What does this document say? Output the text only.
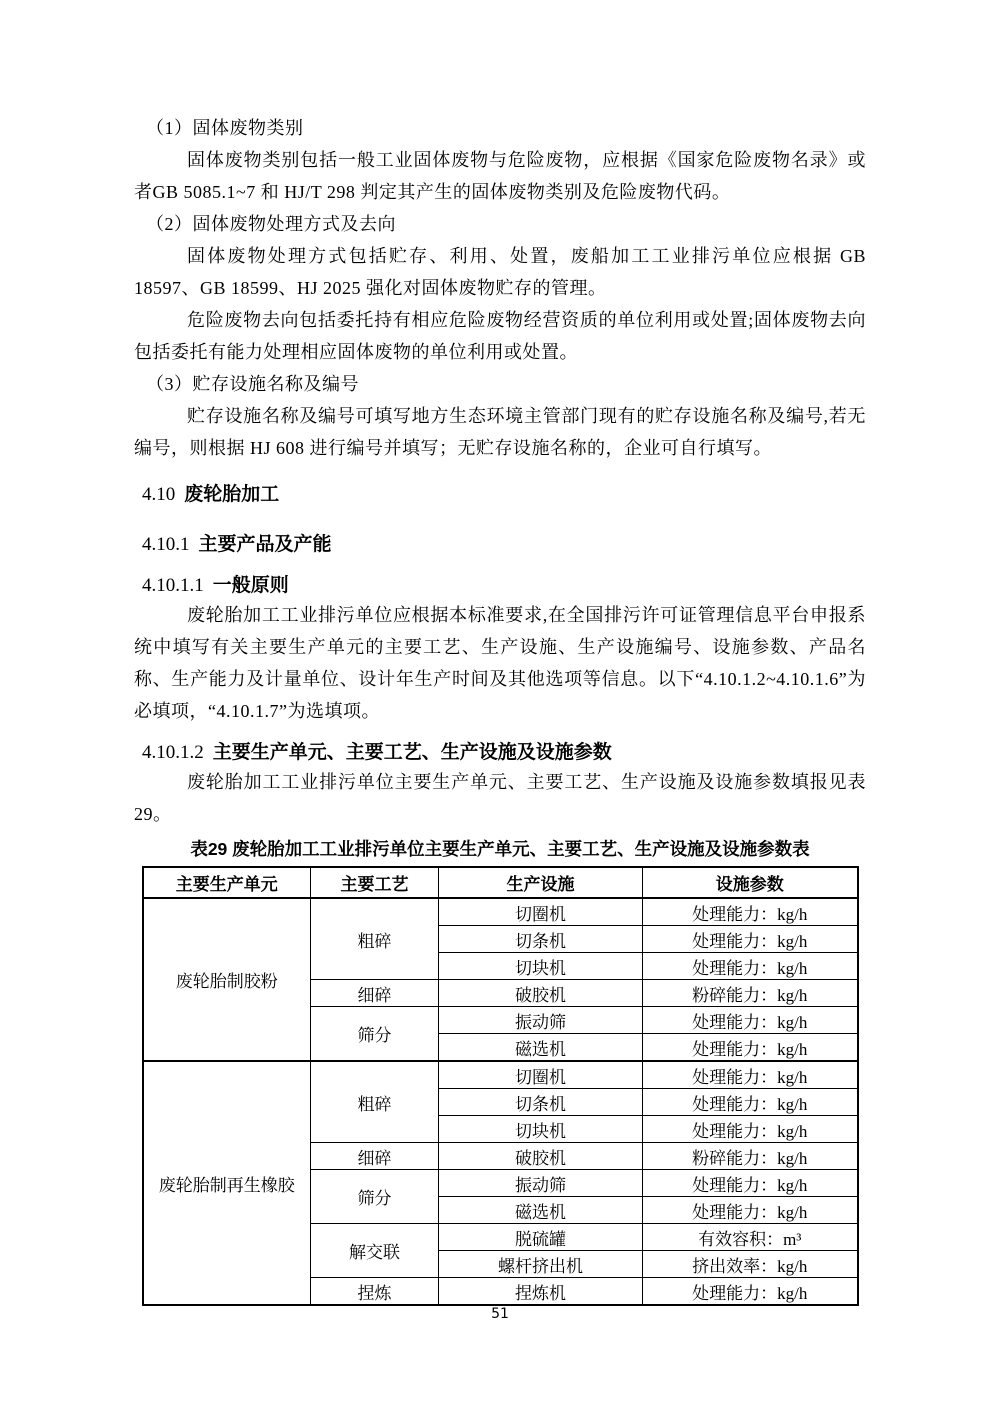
（1）固体废物类别

固体废物类别包括一般工业固体废物与危险废物，应根据《国家危险废物名录》或者GB 5085.1~7 和 HJ/T 298 判定其产生的固体废物类别及危险废物代码。

（2）固体废物处理方式及去向

固体废物处理方式包括贮存、利用、处置，废船加工工业排污单位应根据 GB 18597、GB 18599、HJ 2025 强化对固体废物贮存的管理。

危险废物去向包括委托持有相应危险废物经营资质的单位利用或处置;固体废物去向包括委托有能力处理相应固体废物的单位利用或处置。

（3）贮存设施名称及编号

贮存设施名称及编号可填写地方生态环境主管部门现有的贮存设施名称及编号,若无编号，则根据 HJ 608 进行编号并填写；无贮存设施名称的，企业可自行填写。

4.10 废轮胎加工
4.10.1 主要产品及产能
4.10.1.1 一般原则

废轮胎加工工业排污单位应根据本标准要求,在全国排污许可证管理信息平台申报系统中填写有关主要生产单元的主要工艺、生产设施、生产设施编号、设施参数、产品名称、生产能力及计量单位、设计年生产时间及其他选项等信息。以下“4.10.1.2~4.10.1.6”为必填项，“4.10.1.7”为选填项。

4.10.1.2 主要生产单元、主要工艺、生产设施及设施参数

废轮胎加工工业排污单位主要生产单元、主要工艺、生产设施及设施参数填报见表29。

表29 废轮胎加工工业排污单位主要生产单元、主要工艺、生产设施及设施参数表

主要生产单元	主要工艺	生产设施	设施参数
废轮胎制胶粉	粗碎	切圈机	处理能力：kg/h
		切条机	处理能力：kg/h
		切块机	处理能力：kg/h
	细碎	破胶机	粉碎能力：kg/h
	筛分	振动筛	处理能力：kg/h
		磁选机	处理能力：kg/h
废轮胎制再生橡胶	粗碎	切圈机	处理能力：kg/h
		切条机	处理能力：kg/h
		切块机	处理能力：kg/h
	细碎	破胶机	粉碎能力：kg/h
	筛分	振动筛	处理能力：kg/h
		磁选机	处理能力：kg/h
	解交联	脱硫罐	有效容积：m³
		螺杆挤出机	挤出效率：kg/h
	捏炼	捏炼机	处理能力：kg/h
51
